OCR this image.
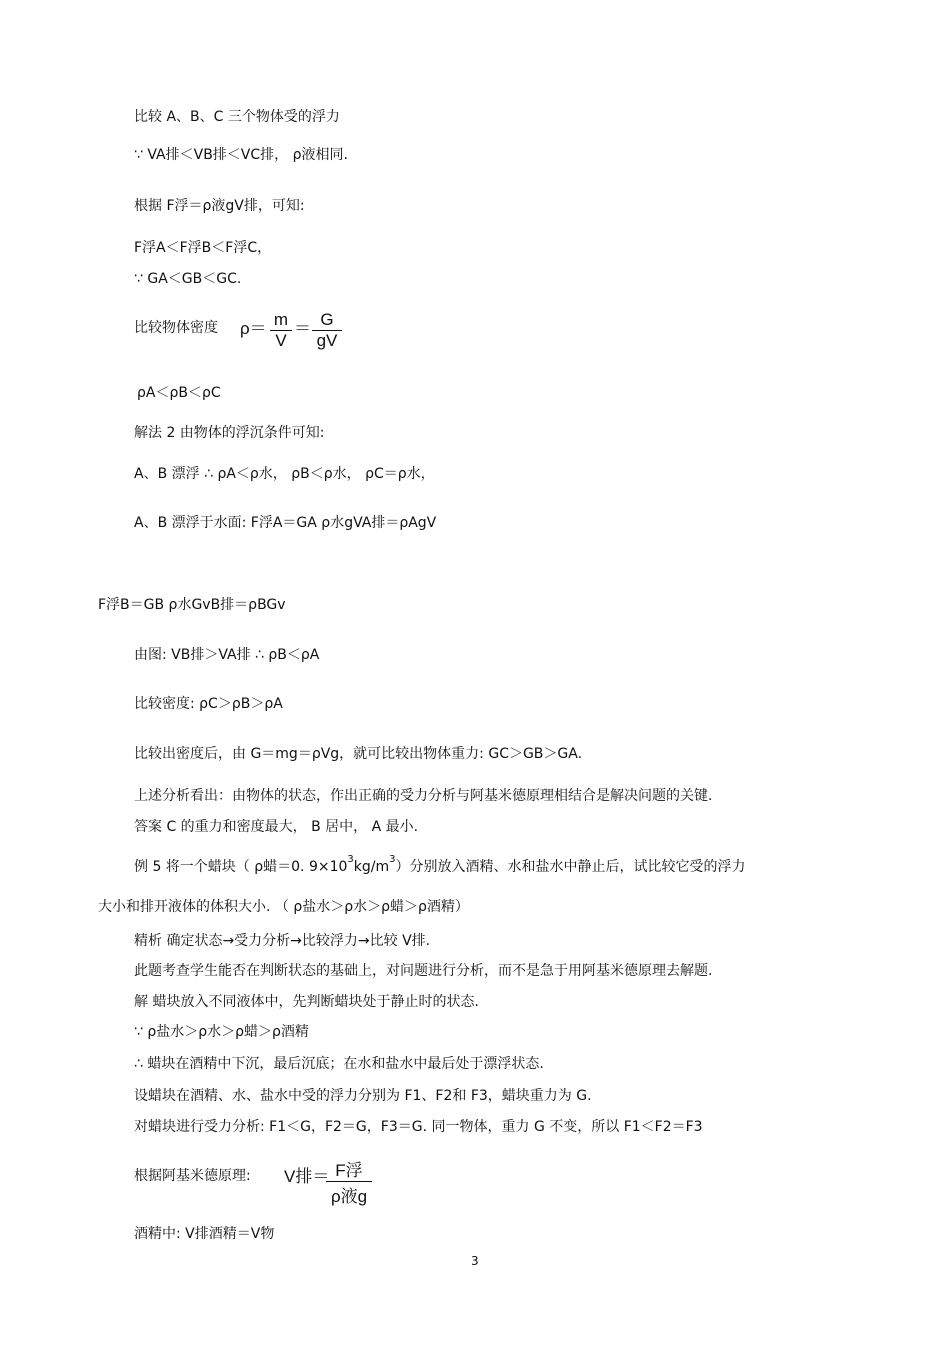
比较 A、B、C 三个物体受的浮力
∵ VA排＜VB排＜VC排， ρ液相同.
根据 F浮＝ρ液gV排，可知:
F浮A＜F浮B＜F浮C，
∵ GA＜GB＜GC.
比较物体密度 ρ＝ m
V
＝ G
gV
ρA＜ρB＜ρC
解法 2 由物体的浮沉条件可知:
A、B 漂浮 ∴ ρA＜ρ水， ρB＜ρ水， ρC＝ρ水，
A、B 漂浮于水面: F浮A＝GA ρ水gVA排＝ρAgV
F浮B＝GB ρ水GvB排＝ρBGv
由图: VB排＞VA排 ∴ ρB＜ρA
比较密度: ρC＞ρB＞ρA
比较出密度后，由 G＝mg＝ρVg，就可比较出物体重力: GC＞GB＞GA.
上述分析看出：由物体的状态，作出正确的受力分析与阿基米德原理相结合是解决问题的关键.
答案 C 的重力和密度最大， B 居中， A 最小.
例 5 将一个蜡块（ ρ蜡＝0. $9\times 10^3kg/m^3$）分别放入酒精、水和盐水中静止后，试比较它受的浮力
大小和排开液体的体积大小. （ ρ盐水＞ρ水＞ρ蜡＞ρ酒精）
精析 确定状态→受力分析→比较浮力→比较 V排.
此题考查学生能否在判断状态的基础上，对问题进行分析，而不是急于用阿基米德原理去解题.
解 蜡块放入不同液体中，先判断蜡块处于静止时的状态.
∵ ρ盐水＞ρ水＞ρ蜡＞ρ酒精
∴ 蜡块在酒精中下沉，最后沉底；在水和盐水中最后处于漂浮状态.
设蜡块在酒精、水、盐水中受的浮力分别为 F1、F2和 F3，蜡块重力为 G.
对蜡块进行受力分析: F1＜G，F2＝G，F3＝G. 同一物体，重力 G 不变，所以 F1＜F2＝F3
根据阿基米德原理: V排＝ F浮
ρ液g
酒精中: V排酒精＝V物
3
